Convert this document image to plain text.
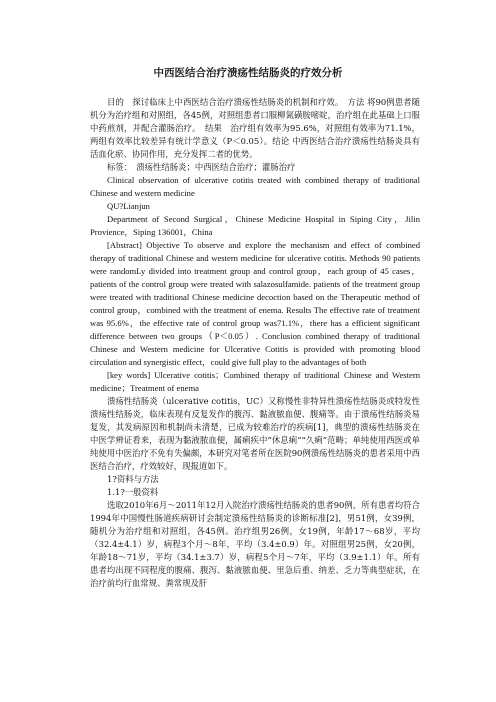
中西医结合治疗溃疡性结肠炎的疗效分析

目的　探讨临床上中西医结合治疗溃疡性结肠炎的机制和疗效。　方法 将90例患者随机分为治疗组和对照组，各45例，对照组患者口服柳氮磺胺嘧啶，治疗组在此基础上口服中药煎剂，并配合灌肠治疗。　结果　治疗组有效率为95.6%，对照组有效率为71.1%，两组有效率比较差异有统计学意义（P＜0.05）。结论 中西医结合治疗溃疡性结肠炎具有活血化瘀、协同作用，充分发挥二者的优势。

标签：　溃疡性结肠炎；中西医结合治疗；灌肠治疗

Clinical observation of ulcerative cotitis treated with combined therapy of traditional Chinese and western medicine

QU?Lianjun

Department of Second Surgical，Chinese Medicine Hospital in Siping City，Jilin Provience，Siping 136001，China

[Abstract] Objective To observe and explore the mechanism and effect of combined therapy of traditional Chinese and western medicine for ulcerative cotitis. Methods 90 patients were randomLy divided into treatment group and control group，each group of 45 cases，patients of the control group were treated with salazosulfamide. patients of the treatment group were treated with traditional Chinese medicine decoction based on the Therapeutic method of control group，combined with the treatment of enema. Results The effective rate of treatment was 95.6%，the effective rate of control group was71.1%，there has a efficient significant difference between two groups（P＜0.05）. Conclusion combined therapy of traditional Chinese and Western medicine for Ulcerative Cotitis is provided with promoting blood circulation and synergistic effect，could give full play to the advantages of both

[key words] Ulcerative cotitis；Combined therapy of traditional Chinese and Western medicine；Treatment of enema

溃疡性结肠炎（ulcerative cotitis，UC）又称慢性非特异性溃疡性结肠炎或特发性溃疡性结肠炎，临床表现有反复发作的腹泻、黏液脓血便、腹痛等。由于溃疡性结肠炎易复发，其发病原因和机制尚未清楚，已成为较难治疗的疾病[1]，典型的溃疡性结肠炎在中医学辨证看来，表现为黏液脓血便，属痢疾中“休息痢”“久痢”范畴；单纯使用西医或单纯使用中医治疗不免有失偏颇，本研究对笔者所在医院90例溃疡性结肠炎的患者采用中西医结合治疗，疗效较好，现报道如下。

1?资料与方法

1.1?一般资料

选取2010年6月～2011年12月入院治疗溃疡性结肠炎的患者90例，所有患者均符合1994年中国慢性肠道疾病研讨会制定溃疡性结肠炎的诊断标准[2]，男51例，女39例，随机分为治疗组和对照组，各45例。治疗组男26例，女19例，年龄17～68岁，平均（32.4±4.1）岁，病程3个月～8年，平均（3.4±0.9）年。对照组男25例，女20例，年龄18～71岁，平均（34.1±3.7）岁，病程5个月～7年，平均（3.9±1.1）年。所有患者均出现不同程度的腹痛、腹泻、黏液脓血便、里急后重、纳差、乏力等典型症状，在治疗前均行血常规、粪常规及肝
